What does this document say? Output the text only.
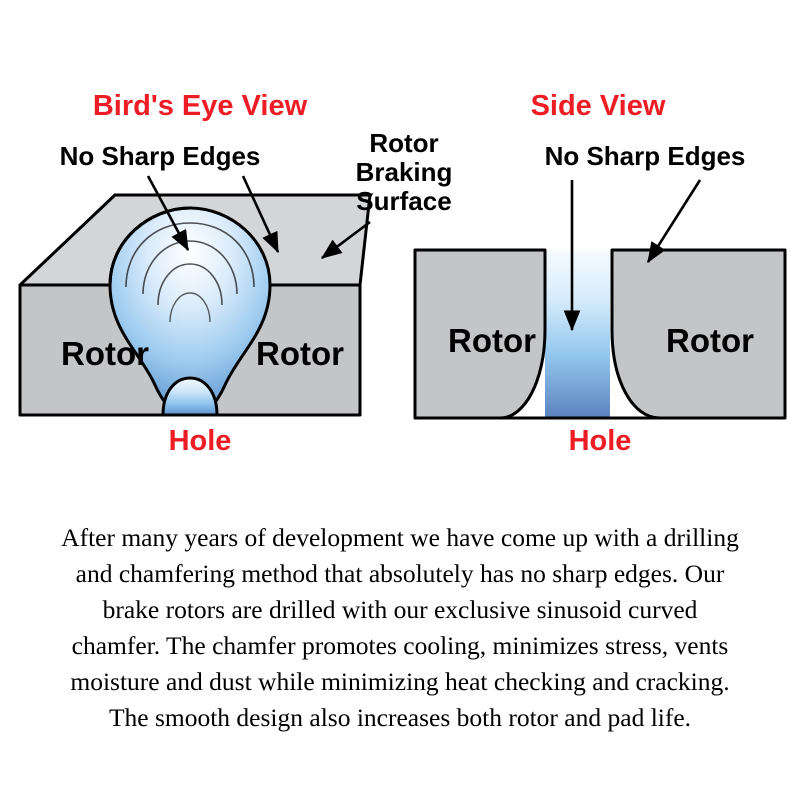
Rotor	Rotor
Bird's Eye View
No Sharp Edges	Rotor
Braking
Surface
Hole
Rotor	Rotor
Side View
No Sharp Edges
Hole

After many years of development we have come up with a drilling

and chamfering method that absolutely has no sharp edges. Our

brake rotors are drilled with our exclusive sinusoid curved

chamfer. The chamfer promotes cooling, minimizes stress, vents

moisture and dust while minimizing heat checking and cracking.

The smooth design also increases both rotor and pad life.
